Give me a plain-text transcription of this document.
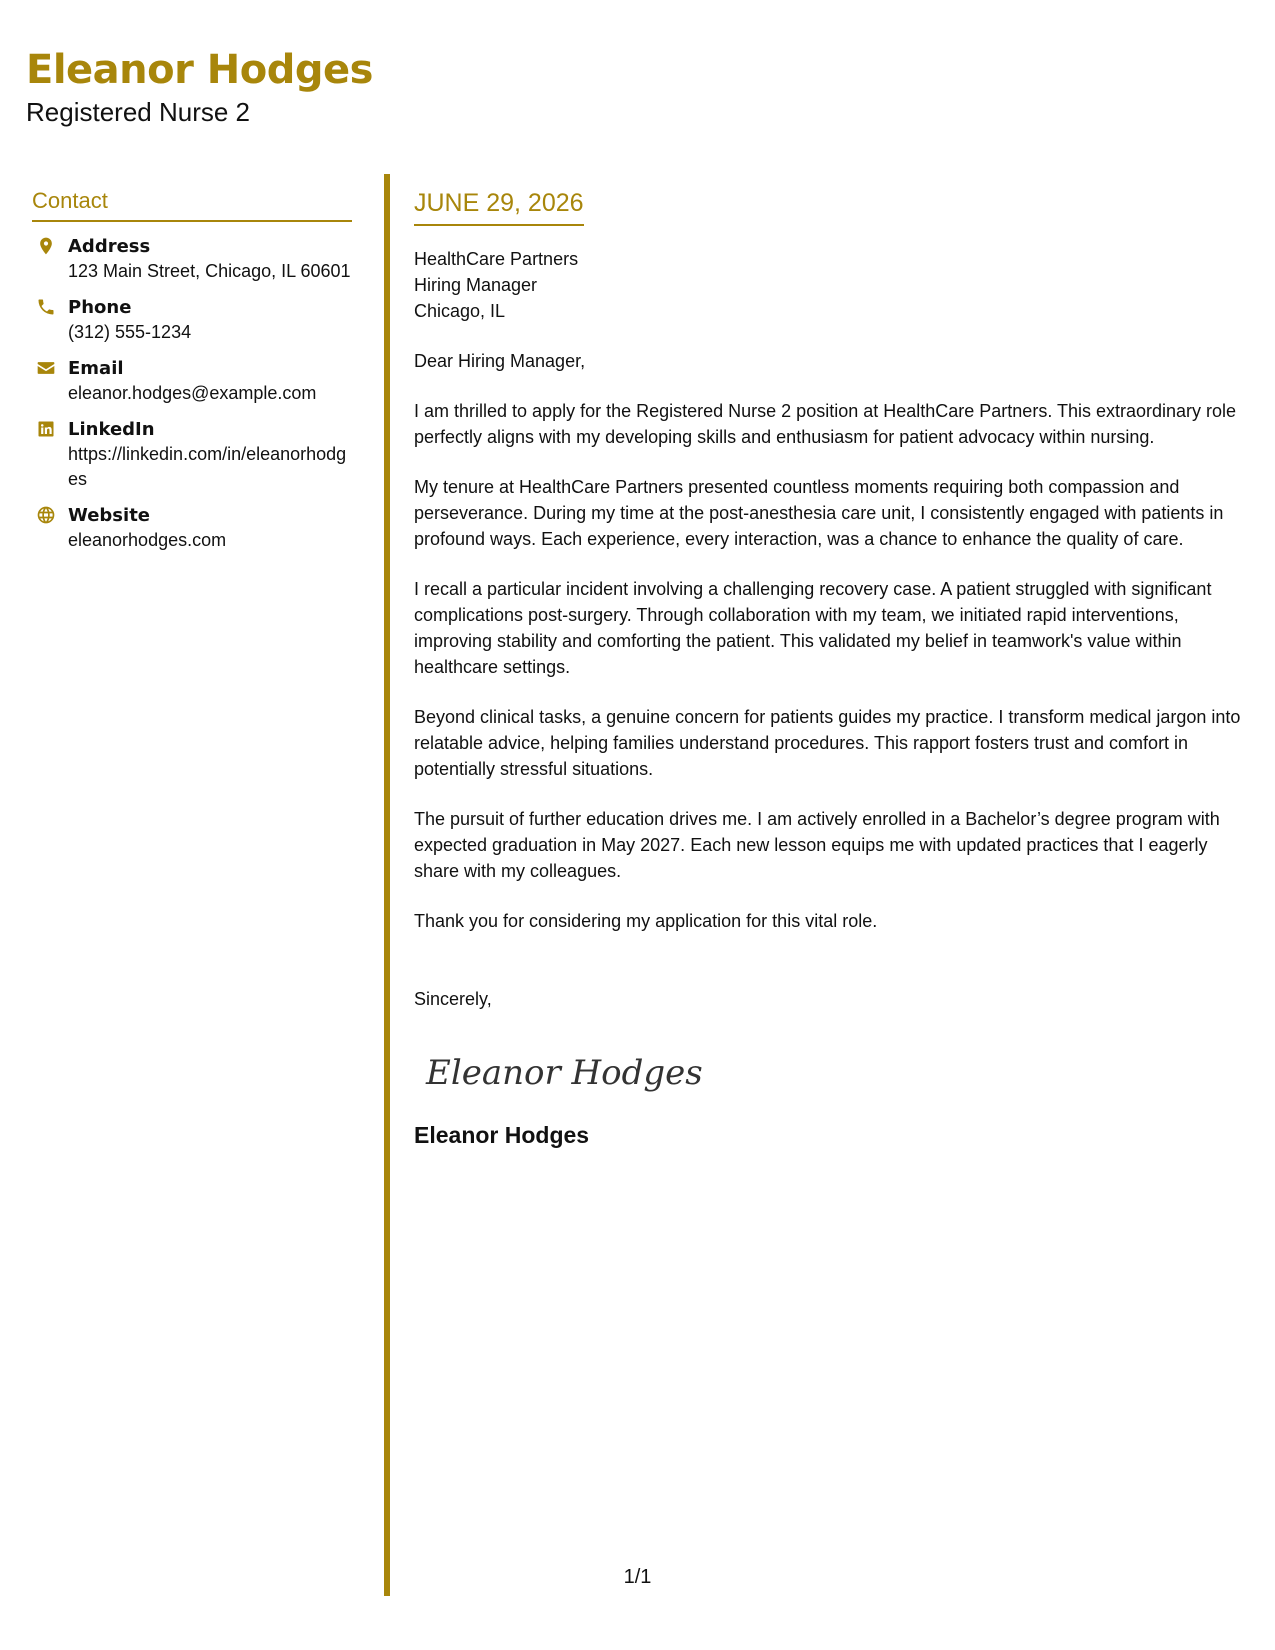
Eleanor Hodges
Registered Nurse 2
Contact
Address
123 Main Street, Chicago, IL 60601
Phone
(312) 555-1234
Email
eleanor.hodges@example.com
LinkedIn
https://linkedin.com/in/eleanorhodges
Website
eleanorhodges.com
JUNE 29, 2026

HealthCare Partners

Hiring Manager

Chicago, IL

Dear Hiring Manager,

I am thrilled to apply for the Registered Nurse 2 position at HealthCare Partners. This extraordinary role perfectly aligns with my developing skills and enthusiasm for patient advocacy within nursing.

My tenure at HealthCare Partners presented countless moments requiring both compassion and perseverance. During my time at the post-anesthesia care unit, I consistently engaged with patients in profound ways. Each experience, every interaction, was a chance to enhance the quality of care.

I recall a particular incident involving a challenging recovery case. A patient struggled with significant complications post-surgery. Through collaboration with my team, we initiated rapid interventions, improving stability and comforting the patient. This validated my belief in teamwork's value within healthcare settings.

Beyond clinical tasks, a genuine concern for patients guides my practice. I transform medical jargon into relatable advice, helping families understand procedures. This rapport fosters trust and comfort in potentially stressful situations.

The pursuit of further education drives me. I am actively enrolled in a Bachelor’s degree program with expected graduation in May 2027. Each new lesson equips me with updated practices that I eagerly share with my colleagues.

Thank you for considering my application for this vital role.

Sincerely,

Eleanor Hodges
Eleanor Hodges
1/1
